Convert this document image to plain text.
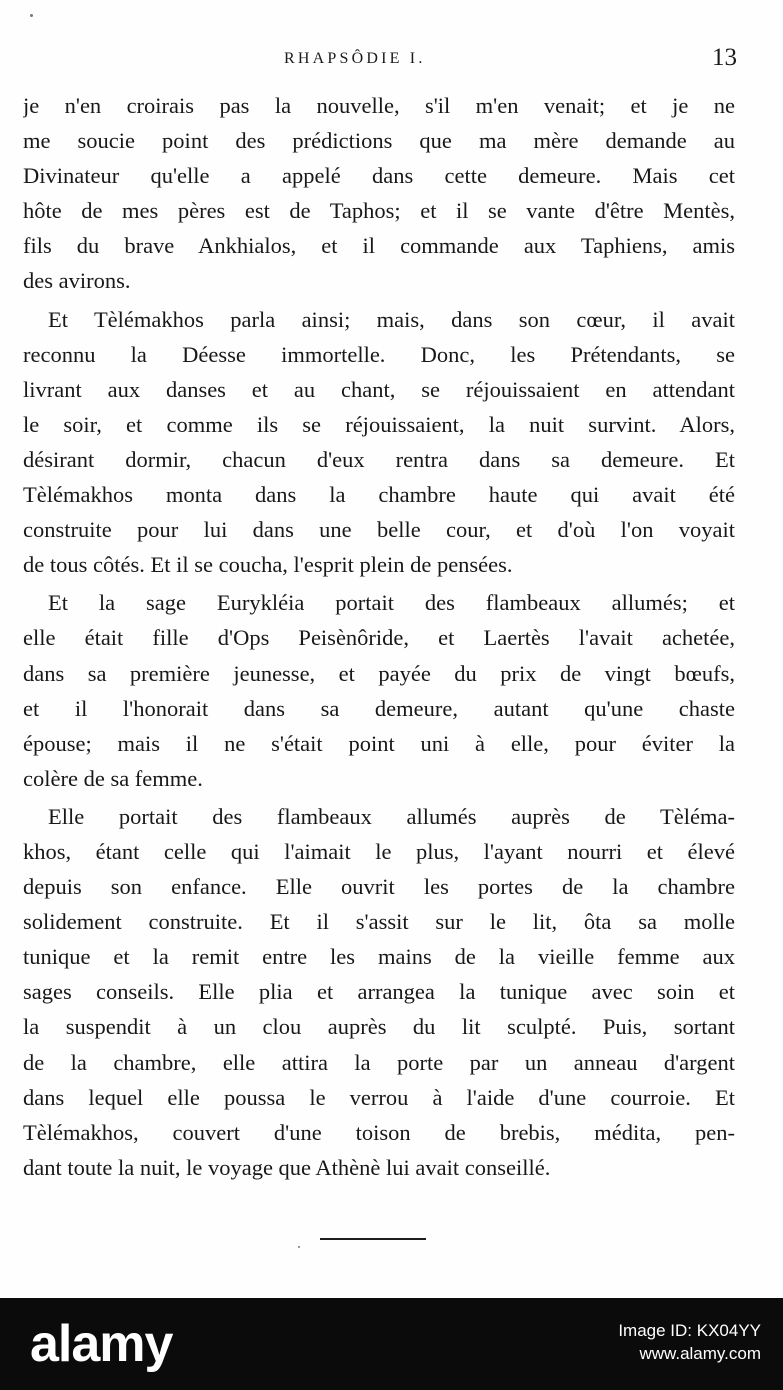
RHAPSÔDIE I.	13
je n'en croirais pas la nouvelle, s'il m'en venait; et je ne
me soucie point des prédictions que ma mère demande au
Divinateur qu'elle a appelé dans cette demeure. Mais cet
hôte de mes pères est de Taphos; et il se vante d'être Mentès,
fils du brave Ankhialos, et il commande aux Taphiens, amis
des avirons.
Et Tèlémakhos parla ainsi; mais, dans son cœur, il avait
reconnu la Déesse immortelle. Donc, les Prétendants, se
livrant aux danses et au chant, se réjouissaient en attendant
le soir, et comme ils se réjouissaient, la nuit survint. Alors,
désirant dormir, chacun d'eux rentra dans sa demeure. Et
Tèlémakhos monta dans la chambre haute qui avait été
construite pour lui dans une belle cour, et d'où l'on voyait
de tous côtés. Et il se coucha, l'esprit plein de pensées.
Et la sage Eurykléia portait des flambeaux allumés; et
elle était fille d'Ops Peisènôride, et Laertès l'avait achetée,
dans sa première jeunesse, et payée du prix de vingt bœufs,
et il l'honorait dans sa demeure, autant qu'une chaste
épouse; mais il ne s'était point uni à elle, pour éviter la
colère de sa femme.
Elle portait des flambeaux allumés auprès de Tèléma-
khos, étant celle qui l'aimait le plus, l'ayant nourri et élevé
depuis son enfance. Elle ouvrit les portes de la chambre
solidement construite. Et il s'assit sur le lit, ôta sa molle
tunique et la remit entre les mains de la vieille femme aux
sages conseils. Elle plia et arrangea la tunique avec soin et
la suspendit à un clou auprès du lit sculpté. Puis, sortant
de la chambre, elle attira la porte par un anneau d'argent
dans lequel elle poussa le verrou à l'aide d'une courroie. Et
Tèlémakhos, couvert d'une toison de brebis, médita, pen-
dant toute la nuit, le voyage que Athènè lui avait conseillé.
alamy	Image ID: KX04YY
www.alamy.com
